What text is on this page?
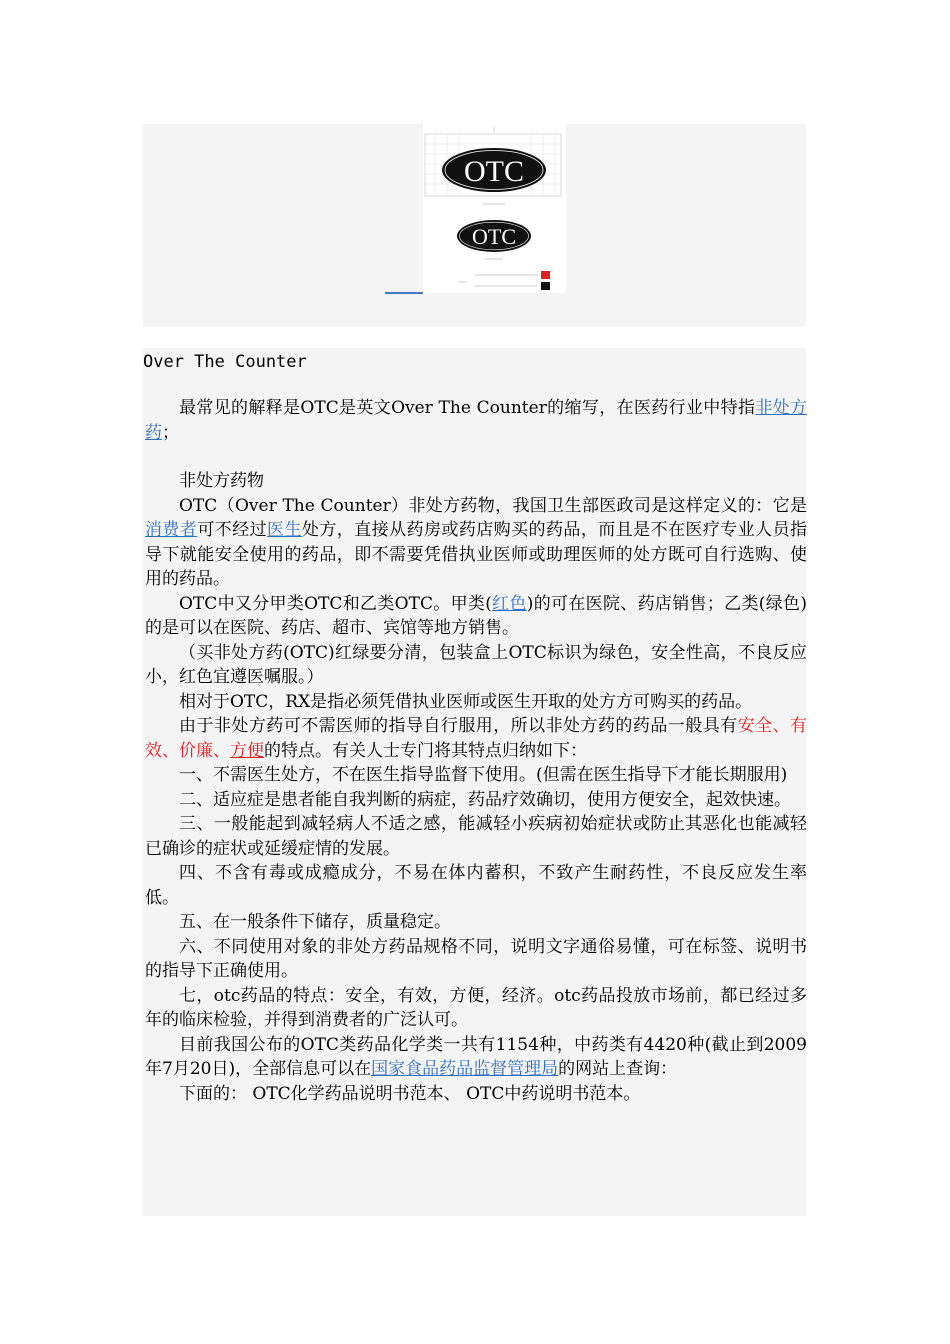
OTC
OTC
Over The Counter

最常见的解释是OTC是英文Over The Counter的缩写，在医药行业中特指非处方药；

非处方药物

OTC（Over The Counter）非处方药物，我国卫生部医政司是这样定义的：它是消费者可不经过医生处方，直接从药房或药店购买的药品，而且是不在医疗专业人员指导下就能安全使用的药品，即不需要凭借执业医师或助理医师的处方既可自行选购、使用的药品。

OTC中又分甲类OTC和乙类OTC。甲类(红色)的可在医院、药店销售；乙类(绿色)的是可以在医院、药店、超市、宾馆等地方销售。

（买非处方药(OTC)红绿要分清，包装盒上OTC标识为绿色，安全性高，不良反应小，红色宜遵医嘱服。）

相对于OTC，RX是指必须凭借执业医师或医生开取的处方方可购买的药品。

由于非处方药可不需医师的指导自行服用，所以非处方药的药品一般具有安全、有效、价廉、方便的特点。有关人士专门将其特点归纳如下：

一、不需医生处方，不在医生指导监督下使用。(但需在医生指导下才能长期服用)

二、适应症是患者能自我判断的病症，药品疗效确切，使用方便安全，起效快速。

三、一般能起到减轻病人不适之感，能减轻小疾病初始症状或防止其恶化也能减轻已确诊的症状或延缓症情的发展。

四、不含有毒或成瘾成分，不易在体内蓄积，不致产生耐药性，不良反应发生率低。

五、在一般条件下储存，质量稳定。

六、不同使用对象的非处方药品规格不同，说明文字通俗易懂，可在标签、说明书的指导下正确使用。

七，otc药品的特点：安全，有效，方便，经济。otc药品投放市场前，都已经过多年的临床检验，并得到消费者的广泛认可。

目前我国公布的OTC类药品化学类一共有1154种，中药类有4420种(截止到2009年7月20日)，全部信息可以在国家食品药品监督管理局的网站上查询：

下面的： OTC化学药品说明书范本、 OTC中药说明书范本。
